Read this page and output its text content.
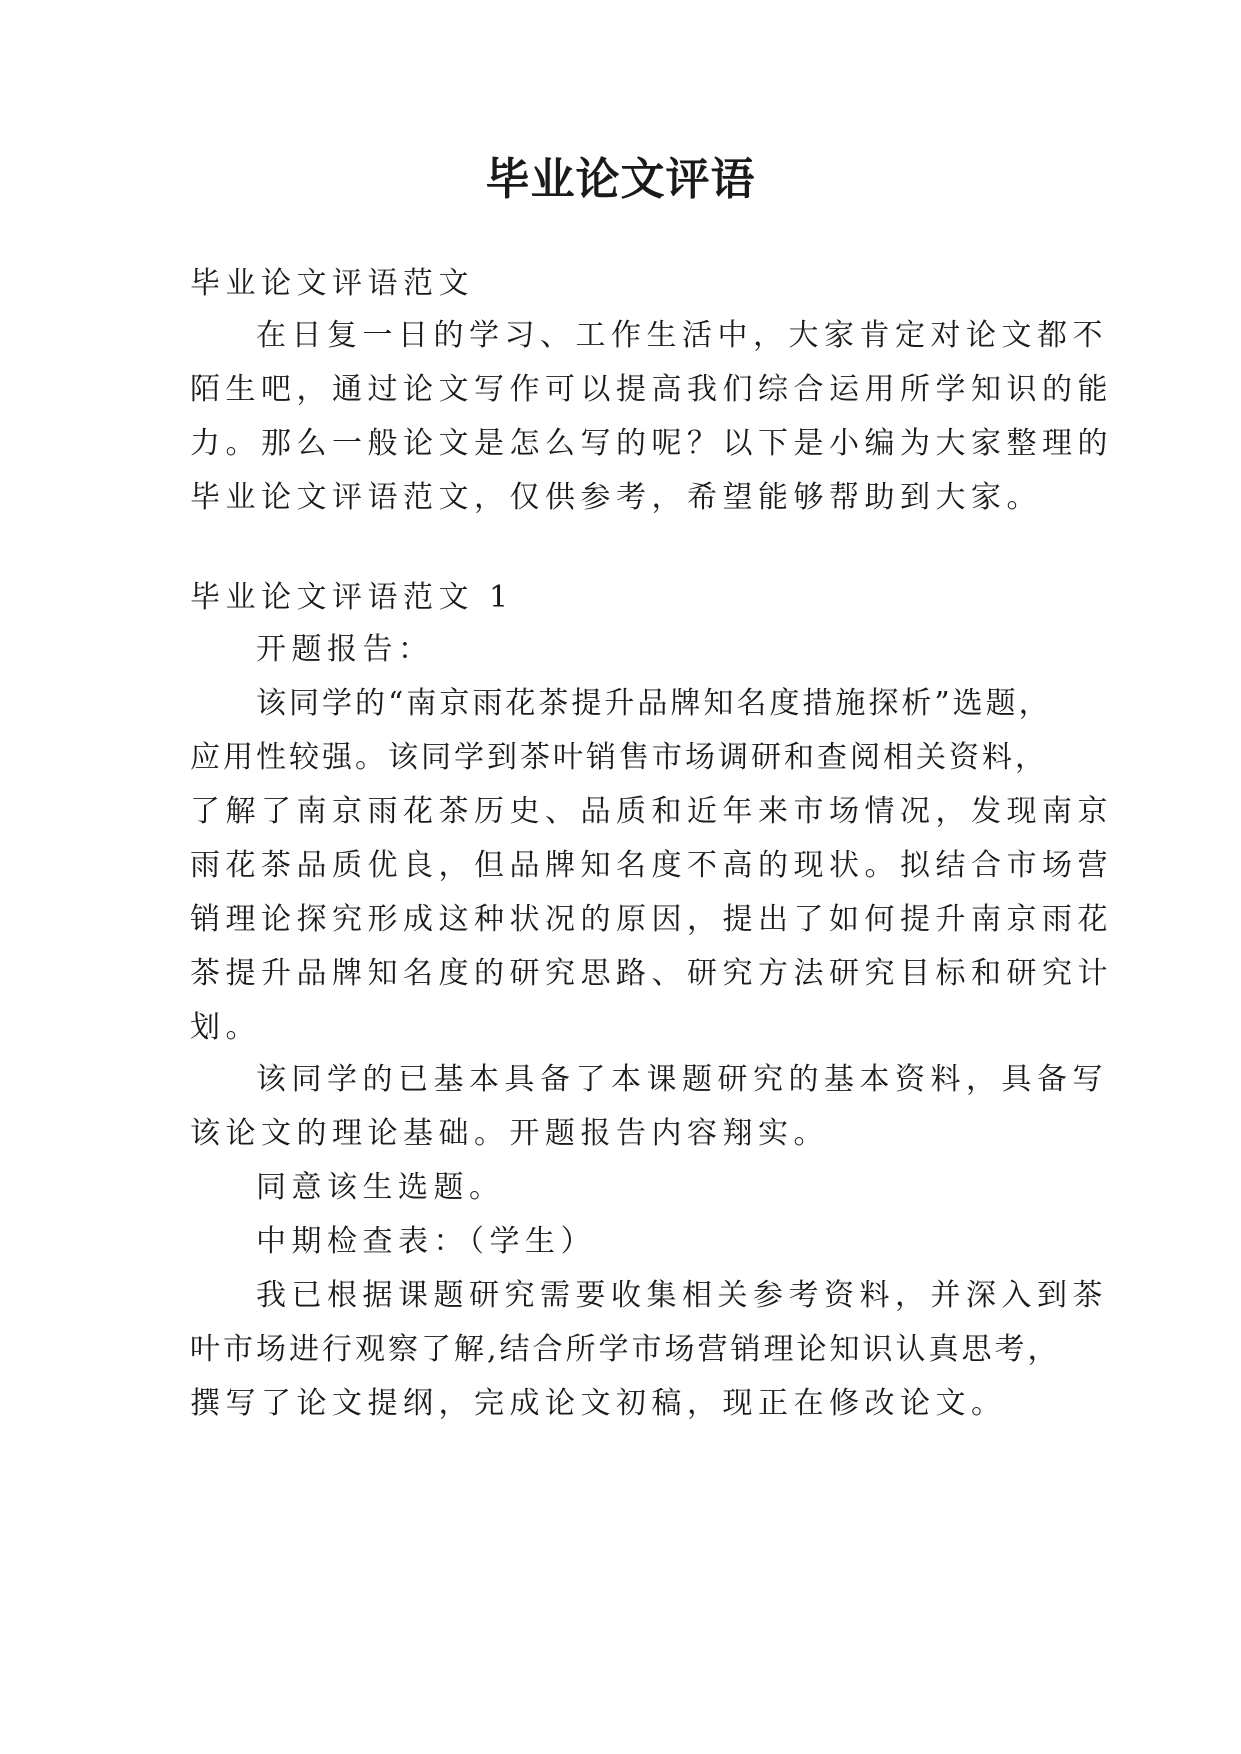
毕业论文评语
毕业论文评语范文
在日复一日的学习、工作生活中，大家肯定对论文都不
陌生吧，通过论文写作可以提高我们综合运用所学知识的能
力。那么一般论文是怎么写的呢？以下是小编为大家整理的
毕业论文评语范文，仅供参考，希望能够帮助到大家。
毕业论文评语范文 1
开题报告：
该同学的“南京雨花茶提升品牌知名度措施探析”选题，
应用性较强。该同学到茶叶销售市场调研和查阅相关资料，
了解了南京雨花茶历史、品质和近年来市场情况，发现南京
雨花茶品质优良，但品牌知名度不高的现状。拟结合市场营
销理论探究形成这种状况的原因，提出了如何提升南京雨花
茶提升品牌知名度的研究思路、研究方法研究目标和研究计
划。
该同学的已基本具备了本课题研究的基本资料，具备写
该论文的理论基础。开题报告内容翔实。
同意该生选题。
中期检查表：（学生）
我已根据课题研究需要收集相关参考资料，并深入到茶
叶市场进行观察了解,结合所学市场营销理论知识认真思考，
撰写了论文提纲，完成论文初稿，现正在修改论文。
